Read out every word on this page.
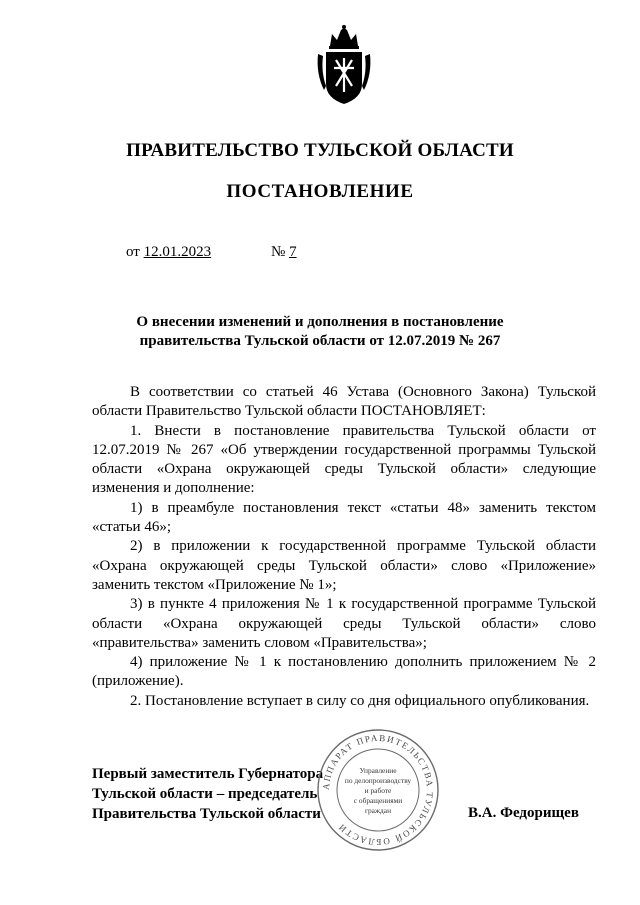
ПРАВИТЕЛЬСТВО ТУЛЬСКОЙ ОБЛАСТИ
ПОСТАНОВЛЕНИЕ
от 12.01.2023	№ 7
О внесении изменений и дополнения в постановление
правительства Тульской области от 12.07.2019 № 267

В соответствии со статьей 46 Устава (Основного Закона) Тульской области Правительство Тульской области ПОСТАНОВЛЯЕТ:

1. Внести в постановление правительства Тульской области от 12.07.2019 № 267 «Об утверждении государственной программы Тульской области «Охрана окружающей среды Тульской области» следующие изменения и дополнение:

1) в преамбуле постановления текст «статьи 48» заменить текстом «статьи 46»;

2) в приложении к государственной программе Тульской области «Охрана окружающей среды Тульской области» слово «Приложение» заменить текстом «Приложение № 1»;

3) в пункте 4 приложения № 1 к государственной программе Тульской области «Охрана окружающей среды Тульской области» слово «правительства» заменить словом «Правительства»;

4) приложение № 1 к постановлению дополнить приложением № 2 (приложение).

2. Постановление вступает в силу со дня официального опубликования.

Первый заместитель Губернатора
Тульской области – председатель
Правительства Тульской области	В.А. Федорищев
АППАРАТ ПРАВИТЕЛЬСТВА ТУЛЬСКОЙ ОБЛАСТИ
Управление
по делопроизводству
и работе
с обращениями
граждан
